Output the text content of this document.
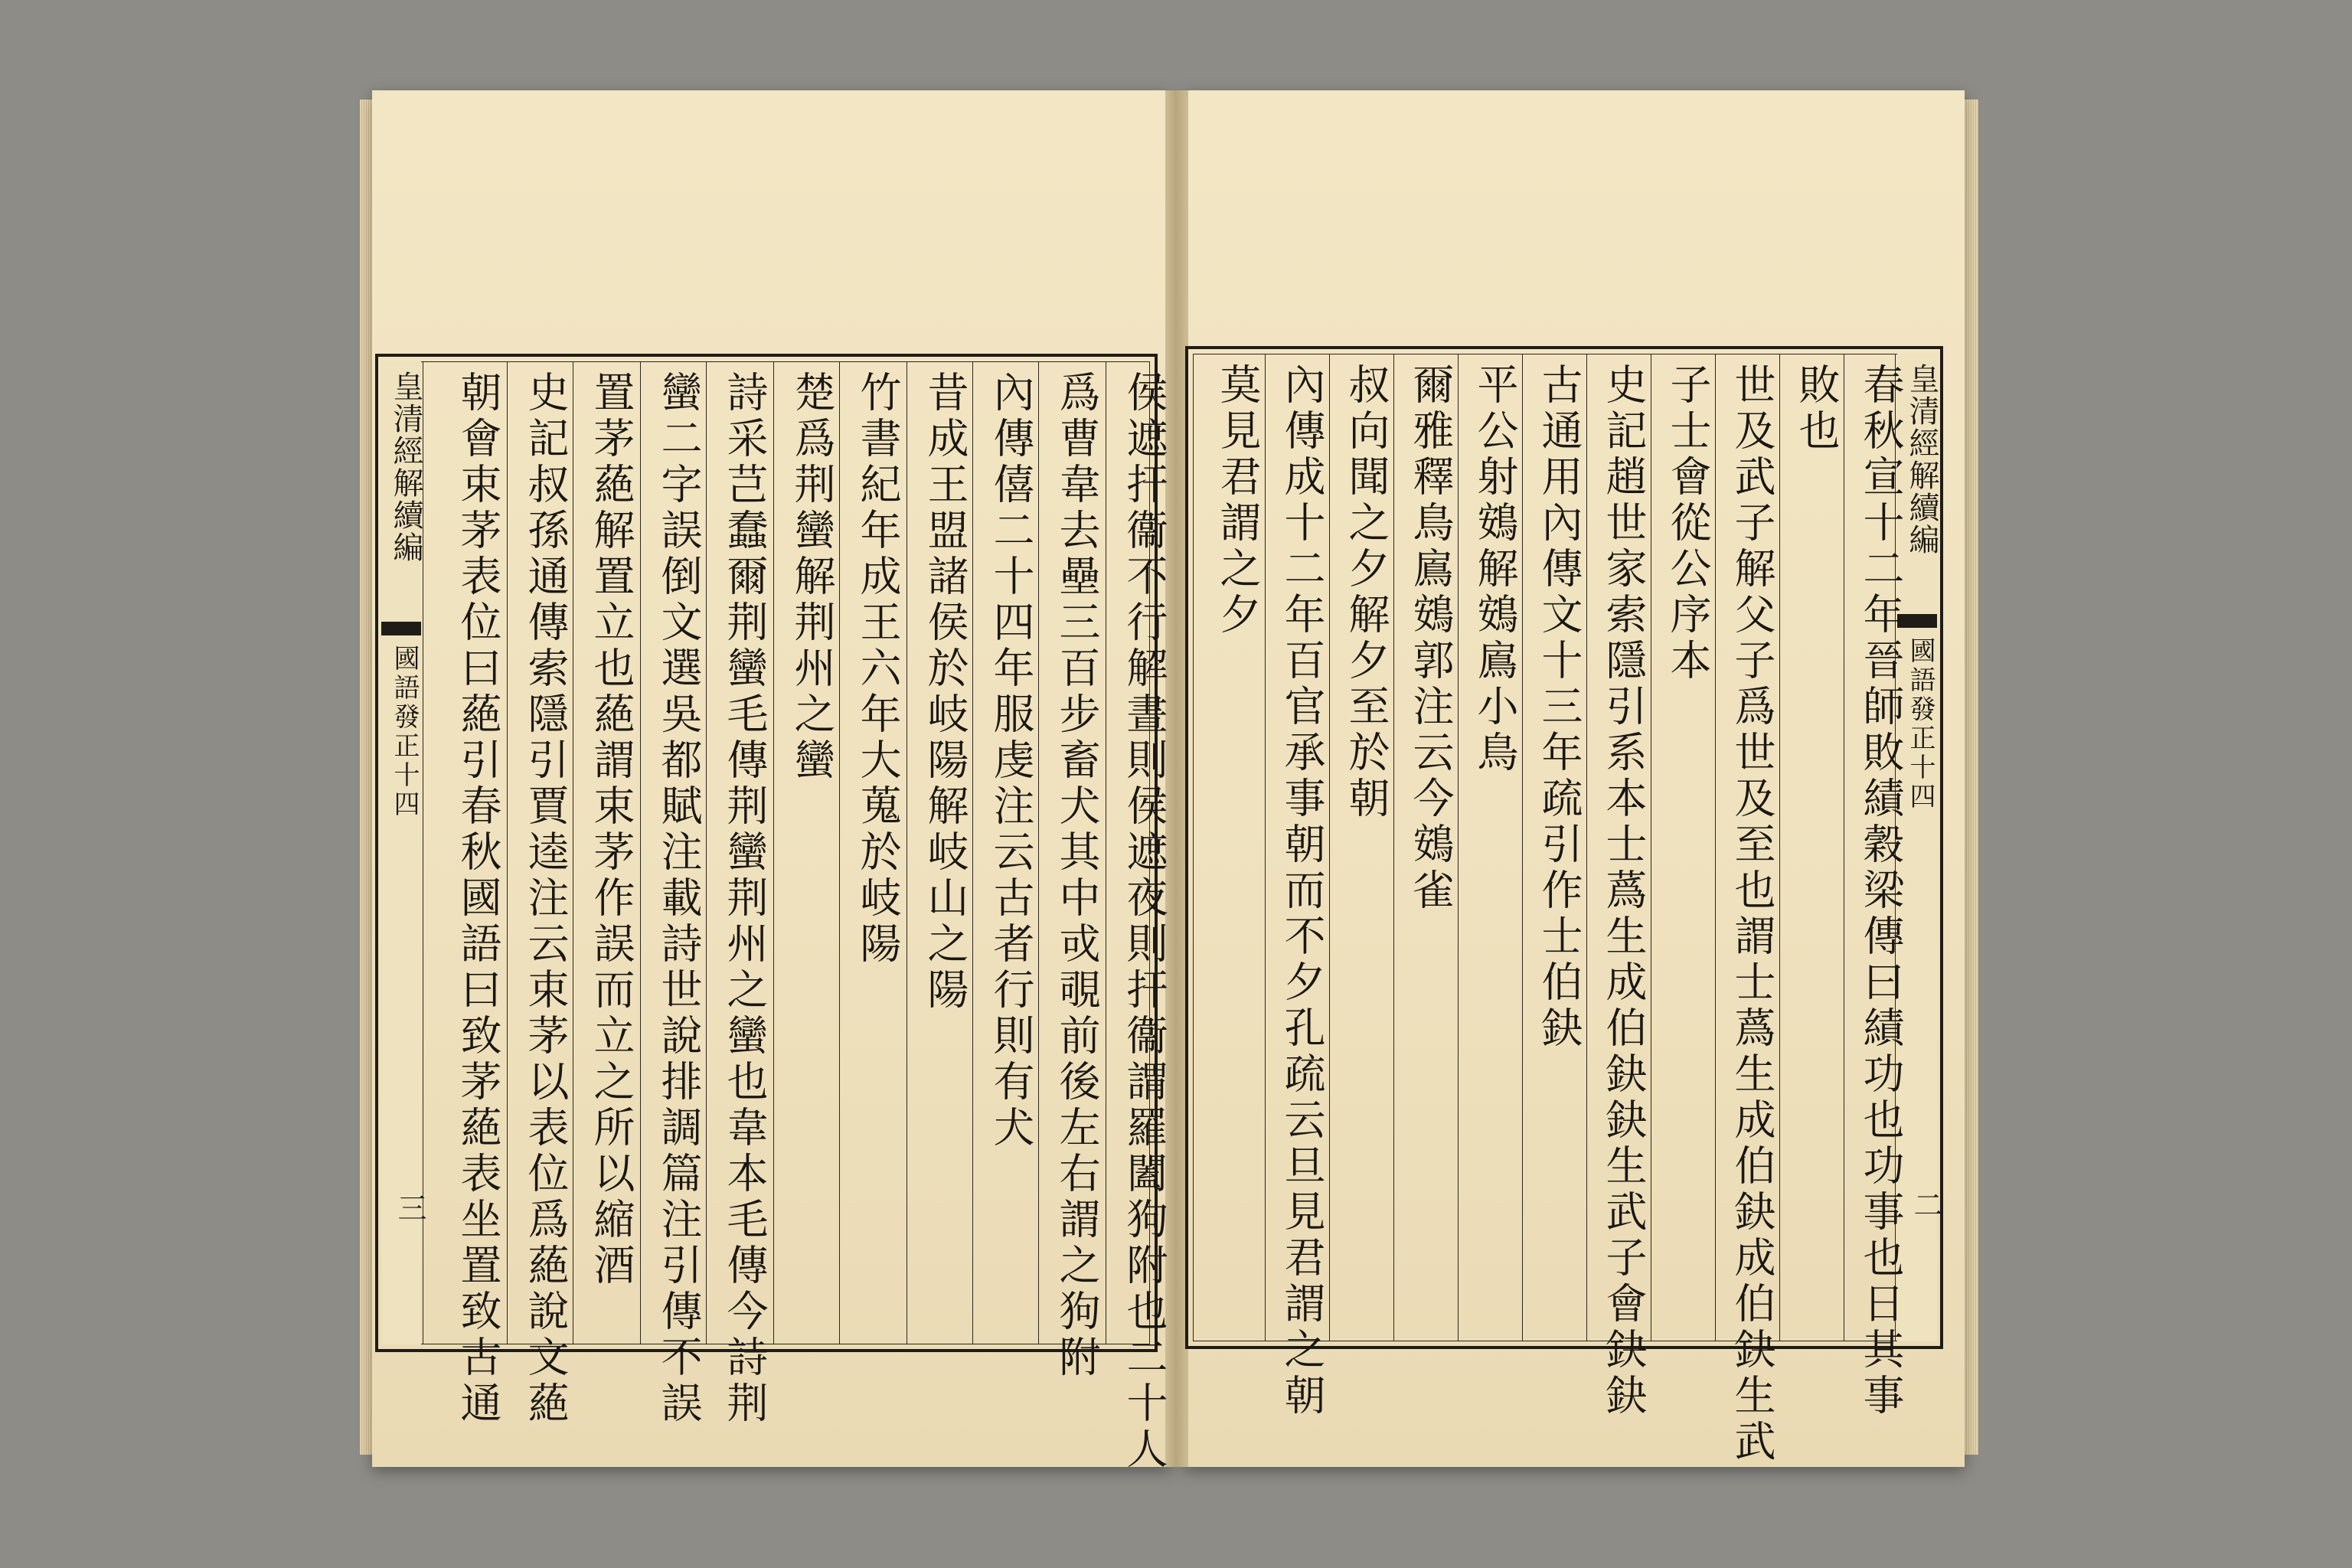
皇清經解續編
國語發正十四
三	侯遮扞衞不行解晝則侯遮夜則扞衞謂羅闔狗附也二十人
爲曹韋去壘三百步畜犬其中戓覗前後左右謂之狗附
內傳僖二十四年服虔注云古者行則有犬
昔成王盟諸侯於岐陽解岐山之陽
竹書紀年成王六年大蒐於岐陽
楚爲荆蠻解荆州之蠻
詩采芑蠢爾荆蠻毛傳荆蠻荆州之蠻也韋本毛傳今詩荆
蠻二字誤倒文選吳都賦注載詩世說排調篇注引傳不誤
置茅蕝解置立也蕝謂束茅作誤而立之所以縮酒
史記叔孫通傳索隱引賈逵注云束茅以表位爲蕝說文蕝
朝會束茅表位曰蕝引春秋國語曰致茅蕝表坐置致古通	皇清經解續編
國語發正十四
二
春秋宣十二年晉師敗績穀梁傳曰績功也功事也日其事
敗也
世及武子解父子爲世及至也謂士蔿生成伯鈌成伯鈌生武
子士會從公序本
史記趙世家索隱引系本士蔿生成伯鈌鈌生武子會鈌鈌
古通用內傳文十三年疏引作士伯鈌
平公射鴳解鴳鳸小鳥
爾雅釋鳥鳸鴳郭注云今鴳雀
叔向聞之夕解夕至於朝
內傳成十二年百官承事朝而不夕孔疏云旦見君謂之朝
莫見君謂之夕
